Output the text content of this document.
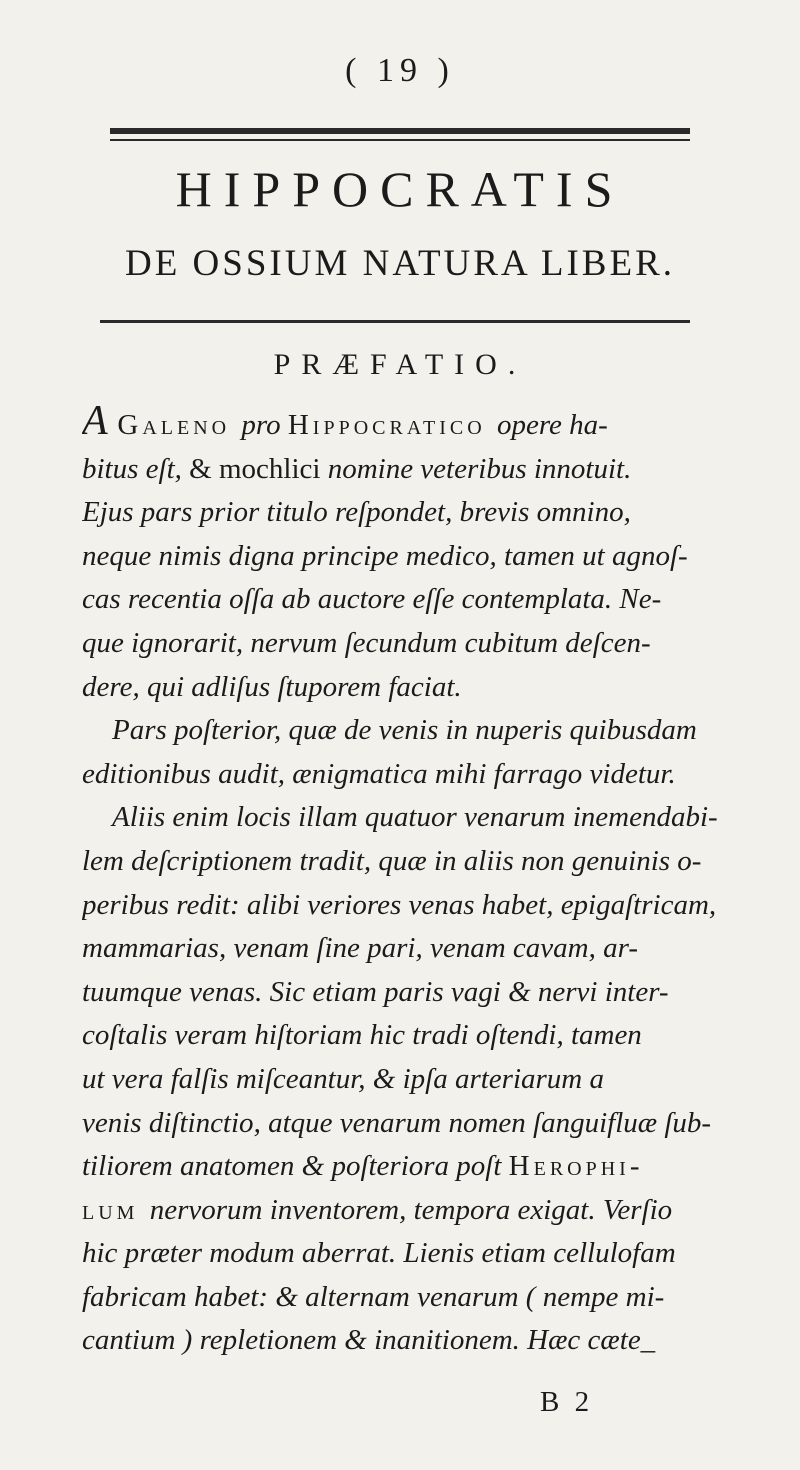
( 19 )
HIPPOCRATIS
DE OSSIUM NATURA LIBER.
PRÆFATIO.
A Galeno pro Hippocratico opere ha-
bitus eſt, & mochlici nomine veteribus innotuit.
Ejus pars prior titulo reſpondet, brevis omnino,
neque nimis digna principe medico, tamen ut agnoſ-
cas recentia oſſa ab auctore eſſe contemplata. Ne-
que ignorarit, nervum ſecundum cubitum deſcen-
dere, qui adliſus ſtuporem faciat.
Pars poſterior, quæ de venis in nuperis quibusdam
editionibus audit, ænigmatica mihi farrago videtur.
Aliis enim locis illam quatuor venarum inemendabi-
lem deſcriptionem tradit, quæ in aliis non genuinis o-
peribus redit: alibi veriores venas habet, epigaſtricam,
mammarias, venam ſine pari, venam cavam, ar-
tuumque venas. Sic etiam paris vagi & nervi inter-
coſtalis veram hiſtoriam hic tradi oſtendi, tamen
ut vera falſis miſceantur, & ipſa arteriarum a
venis diſtinctio, atque venarum nomen ſanguifluæ ſub-
tiliorem anatomen & poſteriora poſt Herophi-
lum nervorum inventorem, tempora exigat. Verſio
hic præter modum aberrat. Lienis etiam cellulofam
fabricam habet: & alternam venarum ( nempe mi-
cantium ) repletionem & inanitionem. Hæc cæte_
B 2
